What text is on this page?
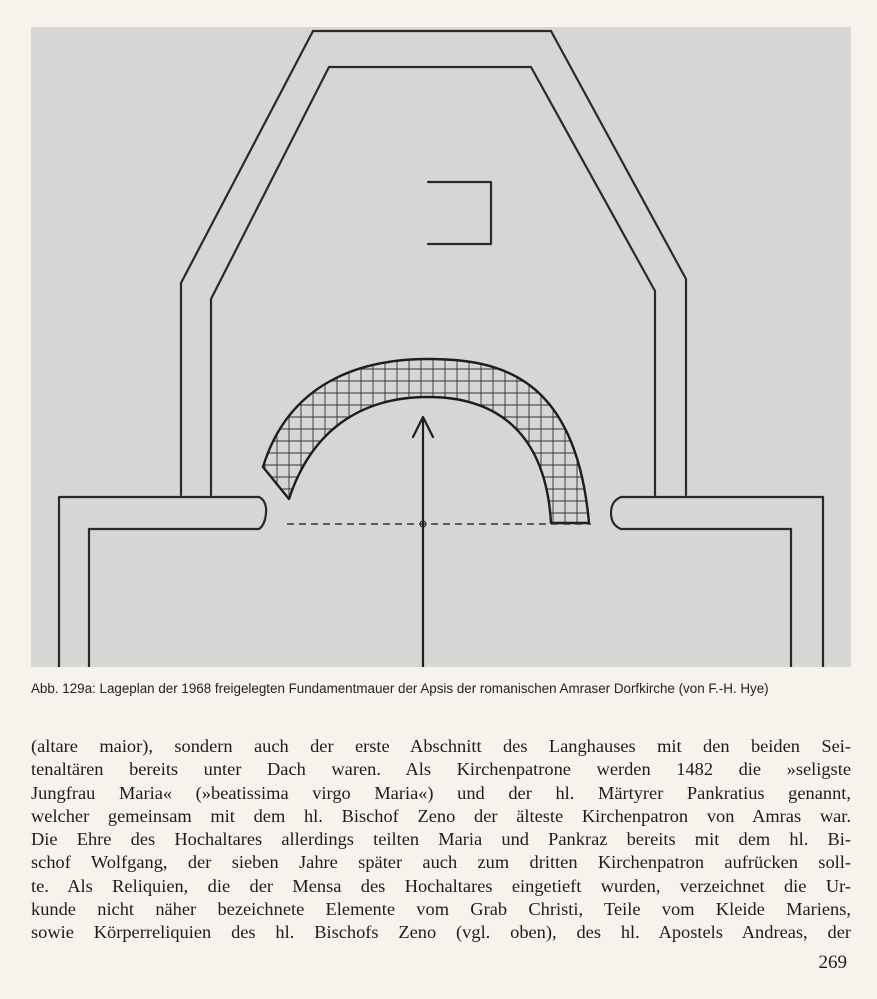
Abb. 129a: Lageplan der 1968 freigelegten Fundamentmauer der Apsis der romanischen Amraser Dorfkirche (von F.-H. Hye)
(altare maior), sondern auch der erste Abschnitt des Langhauses mit den beiden Sei-
tenaltären bereits unter Dach waren. Als Kirchenpatrone werden 1482 die »seligste
Jungfrau Maria« (»beatissima virgo Maria«) und der hl. Märtyrer Pankratius genannt,
welcher gemeinsam mit dem hl. Bischof Zeno der älteste Kirchenpatron von Amras war.
Die Ehre des Hochaltares allerdings teilten Maria und Pankraz bereits mit dem hl. Bi-
schof Wolfgang, der sieben Jahre später auch zum dritten Kirchenpatron aufrücken soll-
te. Als Reliquien, die der Mensa des Hochaltares eingetieft wurden, verzeichnet die Ur-
kunde nicht näher bezeichnete Elemente vom Grab Christi, Teile vom Kleide Mariens,
sowie Körperreliquien des hl. Bischofs Zeno (vgl. oben), des hl. Apostels Andreas, der
269
